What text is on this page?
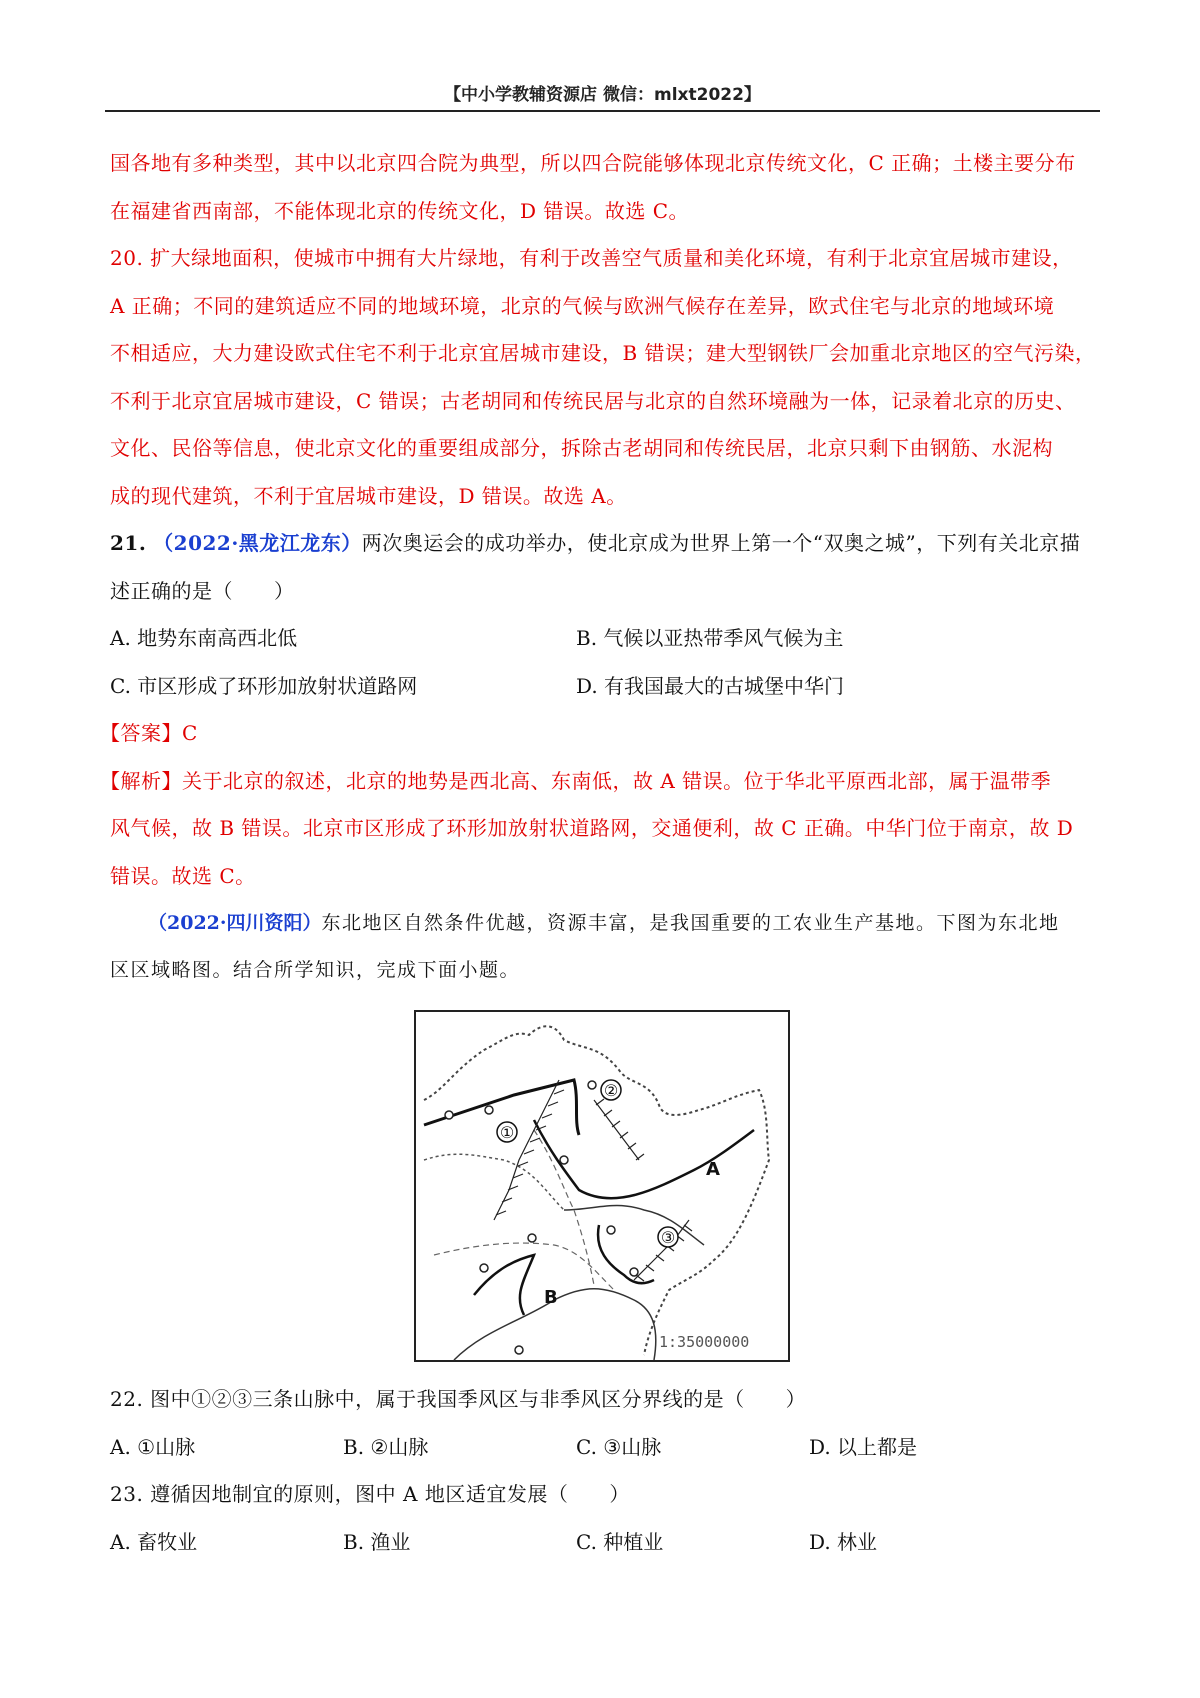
【中小学教辅资源店 微信：mlxt2022】
国各地有多种类型，其中以北京四合院为典型，所以四合院能够体现北京传统文化，C 正确；土楼主要分布
在福建省西南部，不能体现北京的传统文化，D 错误。故选 C。
20. 扩大绿地面积，使城市中拥有大片绿地，有利于改善空气质量和美化环境，有利于北京宜居城市建设，
A 正确；不同的建筑适应不同的地域环境，北京的气候与欧洲气候存在差异，欧式住宅与北京的地域环境
不相适应，大力建设欧式住宅不利于北京宜居城市建设，B 错误；建大型钢铁厂会加重北京地区的空气污染，
不利于北京宜居城市建设，C 错误；古老胡同和传统民居与北京的自然环境融为一体，记录着北京的历史、
文化、民俗等信息，使北京文化的重要组成部分，拆除古老胡同和传统民居，北京只剩下由钢筋、水泥构
成的现代建筑，不利于宜居城市建设，D 错误。故选 A。
21. （2022·黑龙江龙东）两次奥运会的成功举办，使北京成为世界上第一个“双奥之城”，下列有关北京描
述正确的是（　　）
A. 地势东南高西北低	B. 气候以亚热带季风气候为主
C. 市区形成了环形加放射状道路网	D. 有我国最大的古城堡中华门
【答案】C
【解析】关于北京的叙述，北京的地势是西北高、东南低，故 A 错误。位于华北平原西北部，属于温带季
风气候，故 B 错误。北京市区形成了环形加放射状道路网，交通便利，故 C 正确。中华门位于南京，故 D
错误。故选 C。
（2022·四川资阳）东北地区自然条件优越，资源丰富，是我国重要的工农业生产基地。下图为东北地
区区域略图。结合所学知识，完成下面小题。
①
②
③
A
B
1:35000000
22. 图中①②③三条山脉中，属于我国季风区与非季风区分界线的是（　　）
A. ①山脉	B. ②山脉	C. ③山脉	D. 以上都是
23. 遵循因地制宜的原则，图中 A 地区适宜发展（　　）
A. 畜牧业	B. 渔业	C. 种植业	D. 林业
